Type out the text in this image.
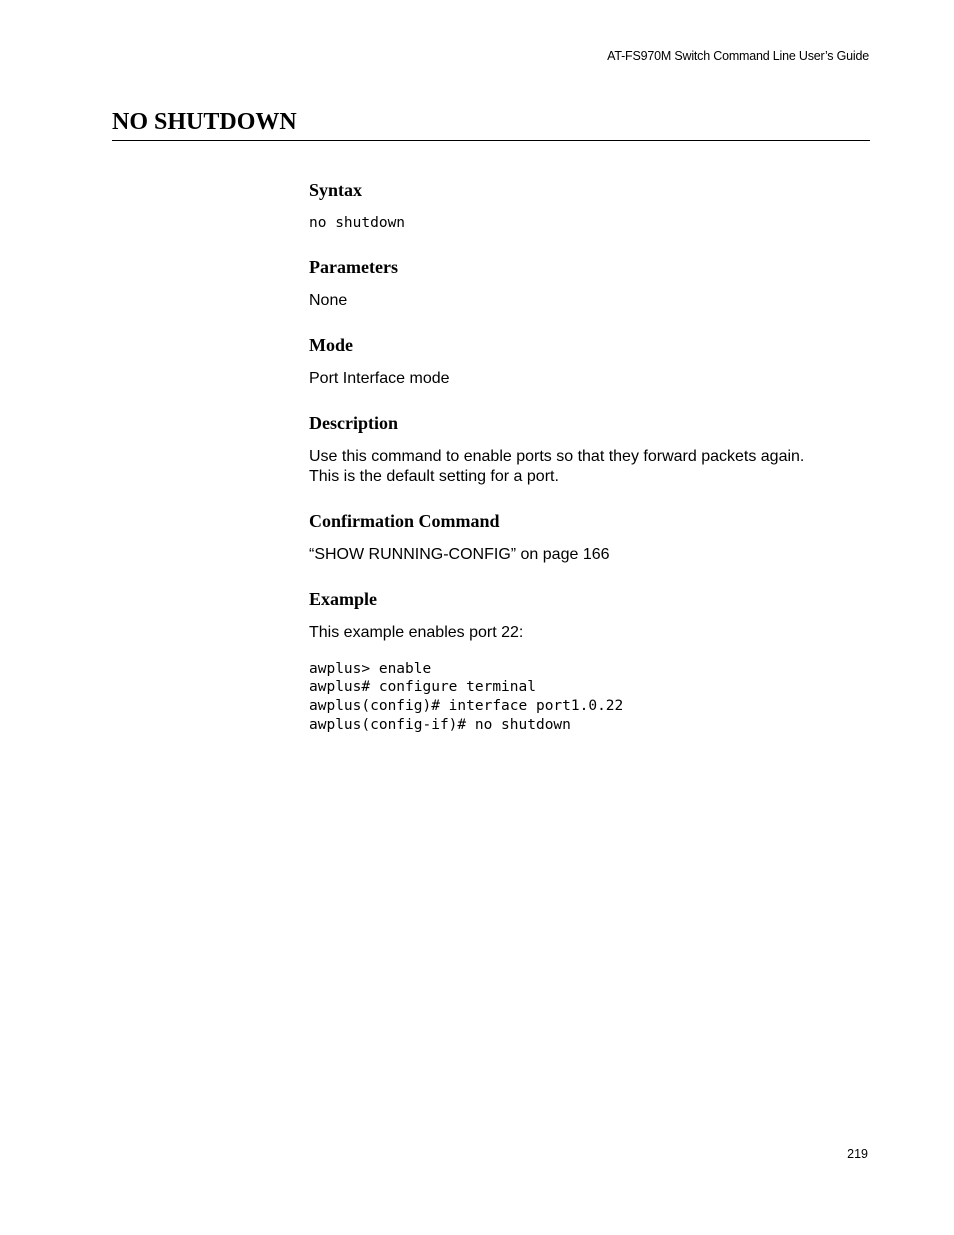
AT-FS970M Switch Command Line User’s Guide
NO SHUTDOWN
Syntax

no shutdown

Parameters

None

Mode

Port Interface mode

Description

Use this command to enable ports so that they forward packets again.

This is the default setting for a port.

Confirmation Command

“SHOW RUNNING-CONFIG” on page 166

Example

This example enables port 22:

awplus> enable

awplus# configure terminal

awplus(config)# interface port1.0.22

awplus(config-if)# no shutdown

219
